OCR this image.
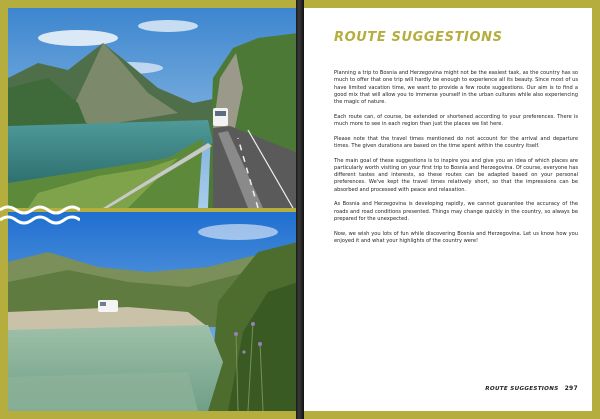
ROUTE SUGGESTIONS

Planning a trip to Bosnia and Herzegovina might not be the easiest task, as the country has so much to offer that one trip will hardly be enough to experience all its beauty. Since most of us have limited vacation time, we want to provide a few route suggestions. Our aim is to find a good mix that will allow you to immerse yourself in the urban cultures while also experiencing the magic of nature.

Each route can, of course, be extended or shortened according to your preferences. There is much more to see in each region than just the places we list here.

Please note that the travel times mentioned do not account for the arrival and departure times. The given durations are based on the time spent within the country itself.

The main goal of these suggestions is to inspire you and give you an idea of which places are particularly worth visiting on your first trip to Bosnia and Herzegovina. Of course, everyone has different tastes and interests, so these routes can be adapted based on your personal preferences. We've kept the travel times relatively short, so that the impressions can be absorbed and processed with peace and relaxation.

As Bosnia and Herzegovina is developing rapidly, we cannot guarantee the accuracy of the roads and road conditions presented. Things may change quickly in the country, so always be prepared for the unexpected.

Now, we wish you lots of fun while discovering Bosnia and Herzegovina. Let us know how you enjoyed it and what your highlights of the country were!

ROUTE SUGGESTIONS 297
